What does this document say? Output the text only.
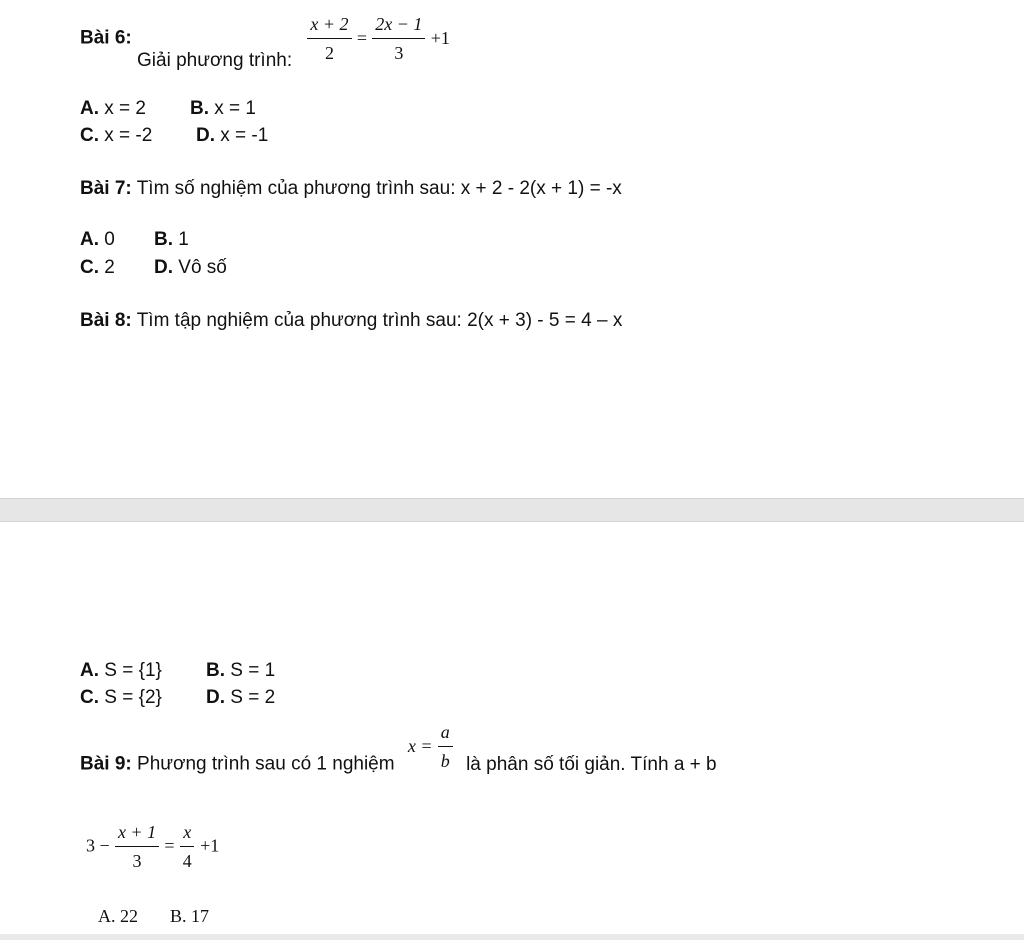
Bài 6: Giải phương trình: $\frac{x + 2}{2} = \frac{2x - 1}{3} +1$
A. x = 2 B. x = 1
C. x = -2 D. x = -1
Bài 7: Tìm số nghiệm của phương trình sau: x + 2 - 2(x + 1) = -x
A. 0 B. 1
C. 2 D. Vô số
Bài 8: Tìm tập nghiệm của phương trình sau: 2(x + 3) - 5 = 4 – x
A. S = {1} B. S = 1
C. S = {2} D. S = 2
Bài 9: Phương trình sau có 1 nghiệm $x = \frac{a}{b}$ là phân số tối giản. Tính a + b
$3 - \frac{x + 1}{3} = \frac{x}{4} +1$
A. 22 B. 17
